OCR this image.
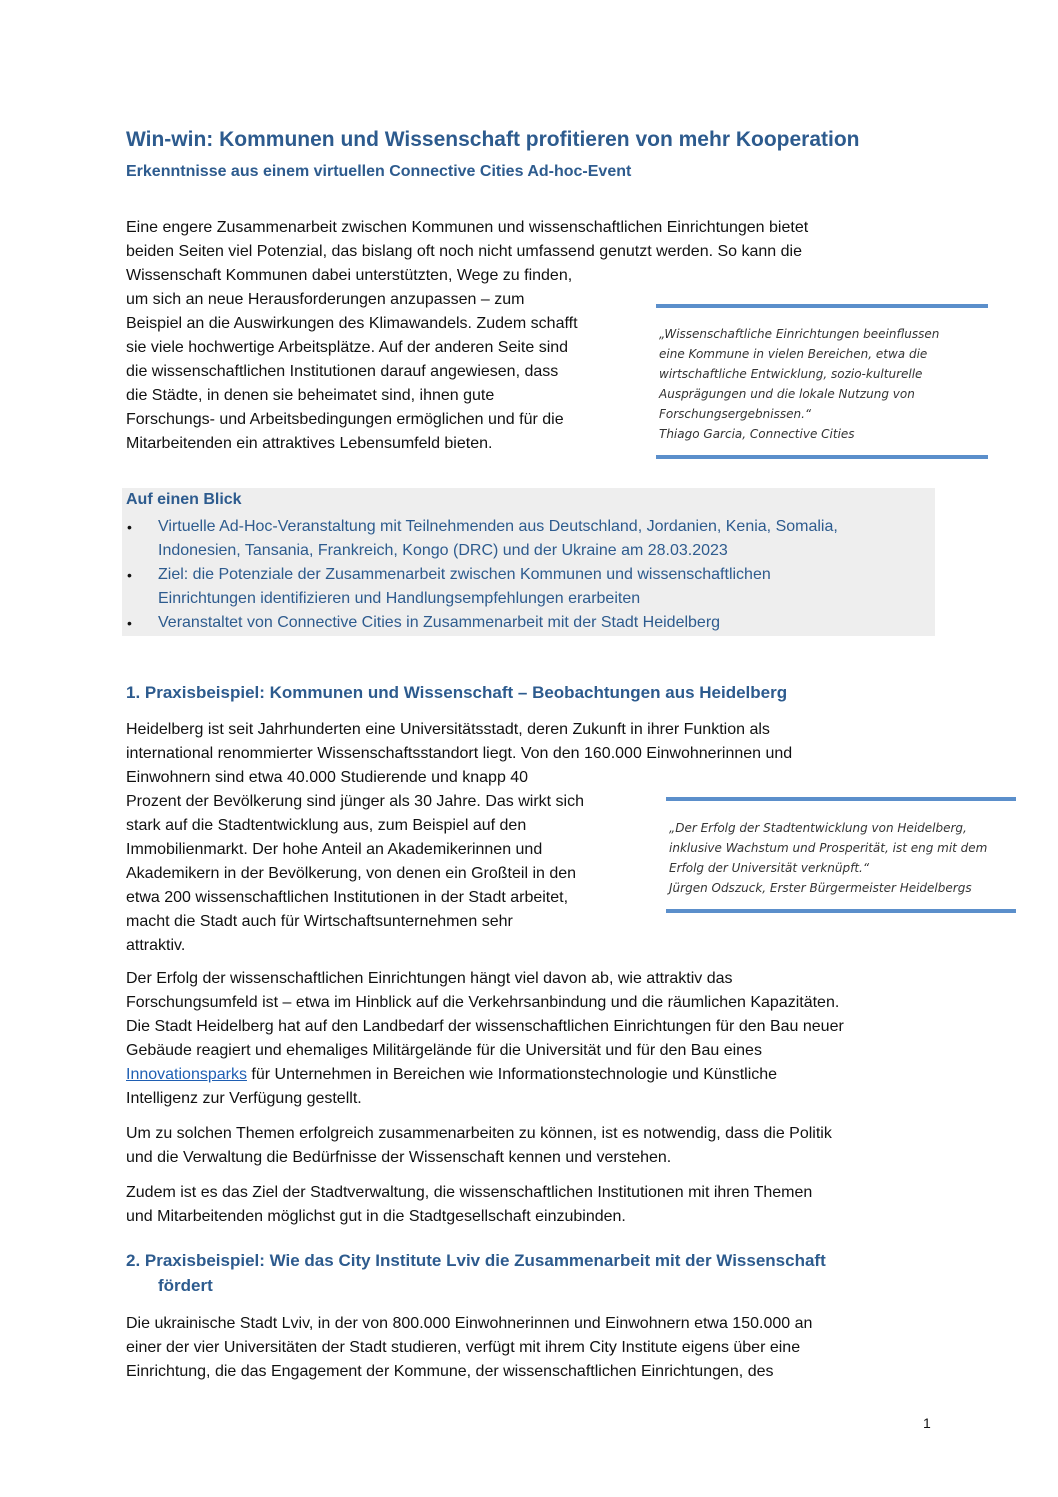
Win-win: Kommunen und Wissenschaft profitieren von mehr Kooperation
Erkenntnisse aus einem virtuellen Connective Cities Ad-hoc-Event
Eine engere Zusammenarbeit zwischen Kommunen und wissenschaftlichen Einrichtungen bietet
beiden Seiten viel Potenzial, das bislang oft noch nicht umfassend genutzt werden. So kann die
Wissenschaft Kommunen dabei unterstützten, Wege zu finden,
um sich an neue Herausforderungen anzupassen – zum
Beispiel an die Auswirkungen des Klimawandels. Zudem schafft
sie viele hochwertige Arbeitsplätze. Auf der anderen Seite sind
die wissenschaftlichen Institutionen darauf angewiesen, dass
die Städte, in denen sie beheimatet sind, ihnen gute
Forschungs- und Arbeitsbedingungen ermöglichen und für die
Mitarbeitenden ein attraktives Lebensumfeld bieten.
„Wissenschaftliche Einrichtungen beeinflussen
eine Kommune in vielen Bereichen, etwa die
wirtschaftliche Entwicklung, sozio-kulturelle
Ausprägungen und die lokale Nutzung von
Forschungsergebnissen.“
Thiago Garcia, Connective Cities
Auf einen Blick
• Virtuelle Ad-Hoc-Veranstaltung mit Teilnehmenden aus Deutschland, Jordanien, Kenia, Somalia,
Indonesien, Tansania, Frankreich, Kongo (DRC) und der Ukraine am 28.03.2023
• Ziel: die Potenziale der Zusammenarbeit zwischen Kommunen und wissenschaftlichen
Einrichtungen identifizieren und Handlungsempfehlungen erarbeiten
• Veranstaltet von Connective Cities in Zusammenarbeit mit der Stadt Heidelberg
1. Praxisbeispiel: Kommunen und Wissenschaft – Beobachtungen aus Heidelberg
Heidelberg ist seit Jahrhunderten eine Universitätsstadt, deren Zukunft in ihrer Funktion als
international renommierter Wissenschaftsstandort liegt. Von den 160.000 Einwohnerinnen und
Einwohnern sind etwa 40.000 Studierende und knapp 40
Prozent der Bevölkerung sind jünger als 30 Jahre. Das wirkt sich
stark auf die Stadtentwicklung aus, zum Beispiel auf den
Immobilienmarkt. Der hohe Anteil an Akademikerinnen und
Akademikern in der Bevölkerung, von denen ein Großteil in den
etwa 200 wissenschaftlichen Institutionen in der Stadt arbeitet,
macht die Stadt auch für Wirtschaftsunternehmen sehr
attraktiv.
„Der Erfolg der Stadtentwicklung von Heidelberg,
inklusive Wachstum und Prosperität, ist eng mit dem
Erfolg der Universität verknüpft.“
Jürgen Odszuck, Erster Bürgermeister Heidelbergs
Der Erfolg der wissenschaftlichen Einrichtungen hängt viel davon ab, wie attraktiv das
Forschungsumfeld ist – etwa im Hinblick auf die Verkehrsanbindung und die räumlichen Kapazitäten.
Die Stadt Heidelberg hat auf den Landbedarf der wissenschaftlichen Einrichtungen für den Bau neuer
Gebäude reagiert und ehemaliges Militärgelände für die Universität und für den Bau eines
Innovationsparks für Unternehmen in Bereichen wie Informationstechnologie und Künstliche
Intelligenz zur Verfügung gestellt.
Um zu solchen Themen erfolgreich zusammenarbeiten zu können, ist es notwendig, dass die Politik
und die Verwaltung die Bedürfnisse der Wissenschaft kennen und verstehen.
Zudem ist es das Ziel der Stadtverwaltung, die wissenschaftlichen Institutionen mit ihren Themen
und Mitarbeitenden möglichst gut in die Stadtgesellschaft einzubinden.
2. Praxisbeispiel: Wie das City Institute Lviv die Zusammenarbeit mit der Wissenschaft
fördert
Die ukrainische Stadt Lviv, in der von 800.000 Einwohnerinnen und Einwohnern etwa 150.000 an
einer der vier Universitäten der Stadt studieren, verfügt mit ihrem City Institute eigens über eine
Einrichtung, die das Engagement der Kommune, der wissenschaftlichen Einrichtungen, des
1
